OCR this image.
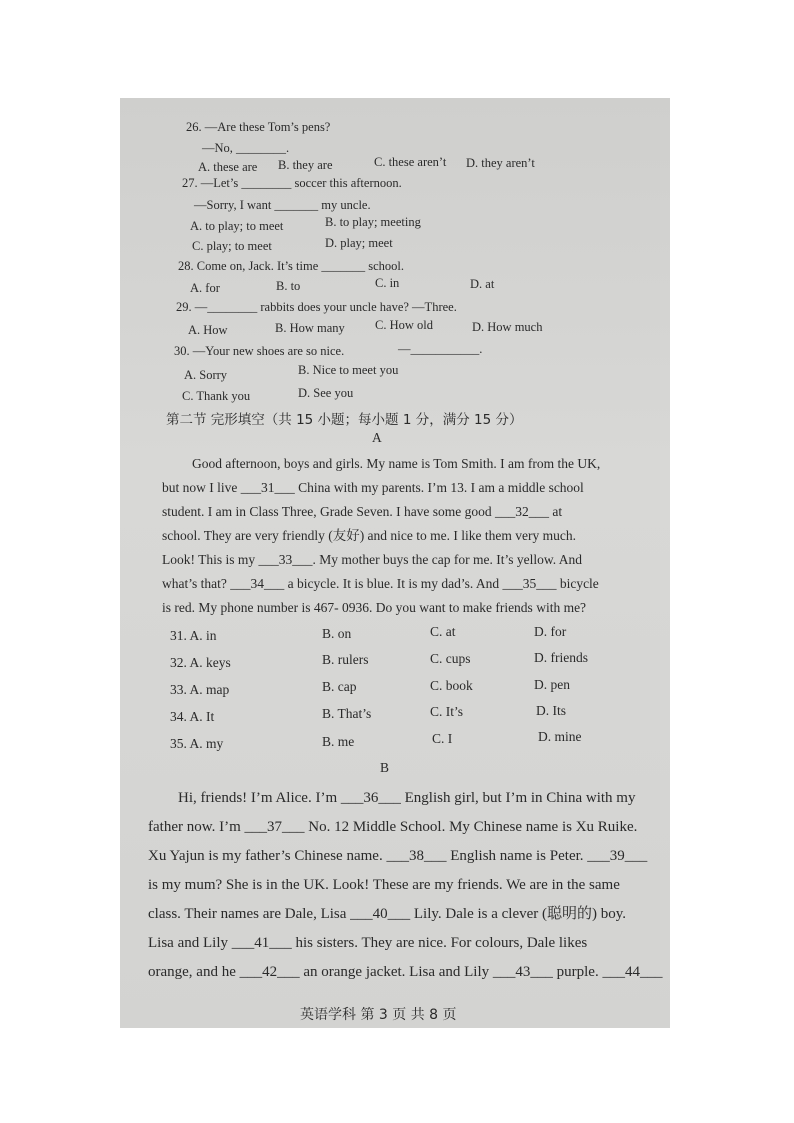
26. —Are these Tom’s pens?
—No, ________.
A. these are B. they are	C. these aren’t D. they aren’t
27. —Let’s ________ soccer this afternoon.
—Sorry, I want _______ my uncle.
A. to play; to meet	B. to play; meeting
C. play; to meet	D. play; meet
28. Come on, Jack. It’s time _______ school.
A. for	B. to	C. in	D. at
29. —________ rabbits does your uncle have? —Three.
A. How	B. How many C. How old	D. How much
30. —Your new shoes are so nice.	—___________.
A. Sorry	B. Nice to meet you
C. Thank you	D. See you
第二节 完形填空（共 15 小题；每小题 1 分，满分 15 分）
A

Good afternoon, boys and girls. My name is Tom Smith. I am from the UK,

but now I live ___31___ China with my parents. I’m 13. I am a middle school

student. I am in Class Three, Grade Seven. I have some good ___32___ at

school. They are very friendly (友好) and nice to me. I like them very much.

Look! This is my ___33___. My mother buys the cap for me. It’s yellow. And

what’s that? ___34___ a bicycle. It is blue. It is my dad’s. And ___35___ bicycle

is red. My phone number is 467- 0936. Do you want to make friends with me?

31. A. in	B. on	C. at	D. for
32. A. keys	B. rulers	C. cups	D. friends
33. A. map	B. cap	C. book	D. pen
34. A. It	B. That’s	C. It’s	D. Its
35. A. my	B. me	C. I	D. mine
B

Hi, friends! I’m Alice. I’m ___36___ English girl, but I’m in China with my

father now. I’m ___37___ No. 12 Middle School. My Chinese name is Xu Ruike.

Xu Yajun is my father’s Chinese name. ___38___ English name is Peter. ___39___

is my mum? She is in the UK. Look! These are my friends. We are in the same

class. Their names are Dale, Lisa ___40___ Lily. Dale is a clever (聪明的) boy.

Lisa and Lily ___41___ his sisters. They are nice. For colours, Dale likes

orange, and he ___42___ an orange jacket. Lisa and Lily ___43___ purple. ___44___

英语学科 第 3 页 共 8 页
